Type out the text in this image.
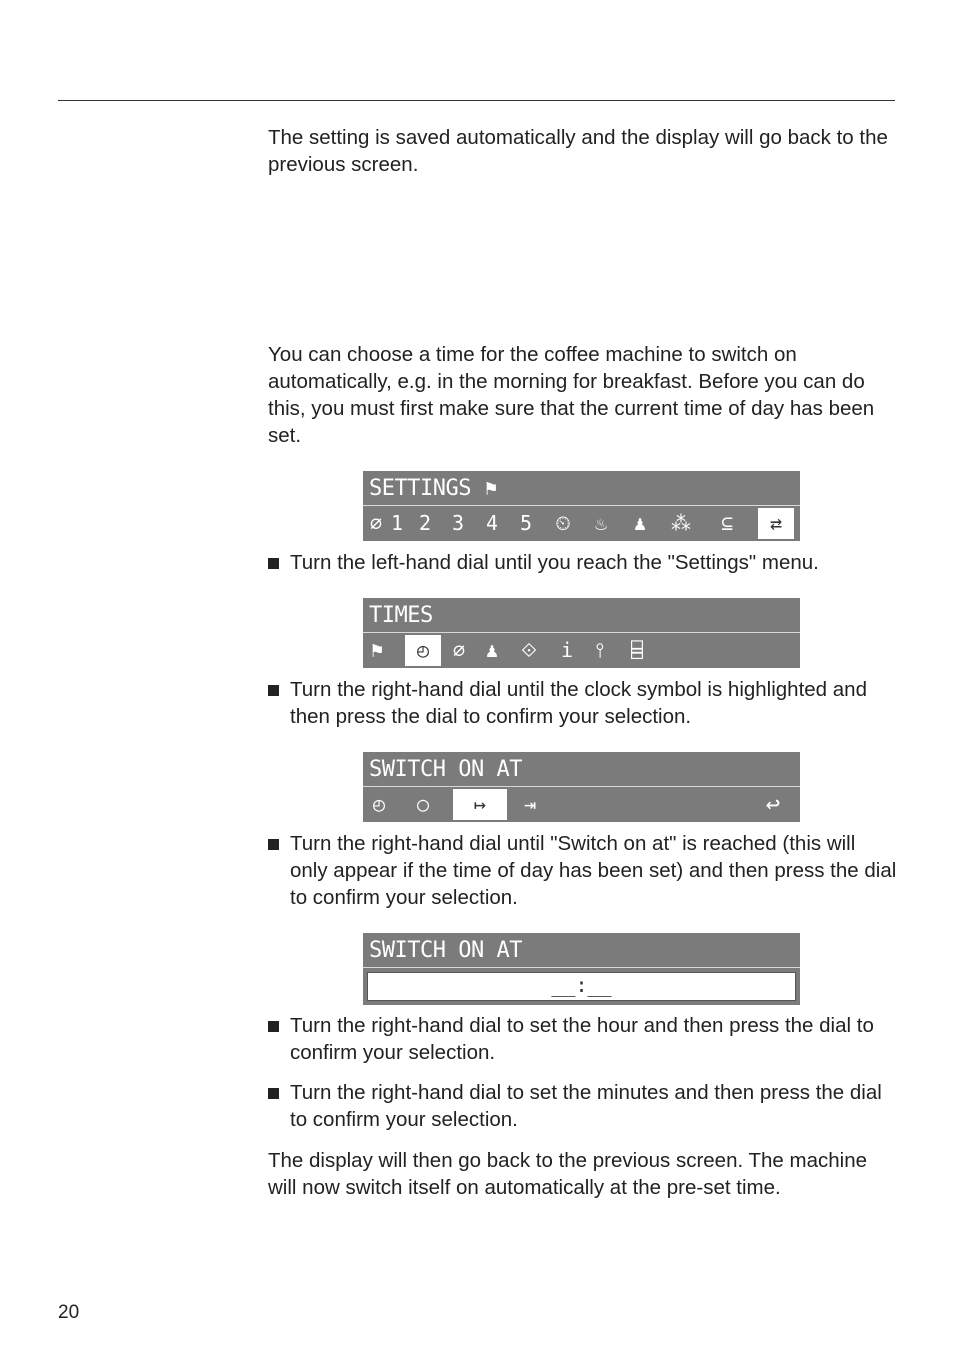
The setting is saved automatically and the display will go back to the previous screen.

You can choose a time for the coffee machine to switch on automatically, e.g. in the morning for breakfast. Before you can do this, you must first make sure that the current time of day has been set.

SETTINGS ⚑
∅ 1 2 3 4 5 ⏲ ♨ ♟	⁂	⊆	⇄
Turn the left-hand dial until you reach the "Settings" menu.
TIMES
⚑	◴	∅ ♟ ⟐ i	⫯	⌸
Turn the right-hand dial until the clock symbol is highlighted and then press the dial to confirm your selection.
SWITCH ON AT
◴ ○	↦	⇥	↩
Turn the right-hand dial until "Switch on at" is reached (this will only appear if the time of day has been set) and then press the dial to confirm your selection.
SWITCH ON AT
__:__
Turn the right-hand dial to set the hour and then press the dial to confirm your selection.
Turn the right-hand dial to set the minutes and then press the dial to confirm your selection.

The display will then go back to the previous screen. The machine will now switch itself on automatically at the pre-set time.

20
